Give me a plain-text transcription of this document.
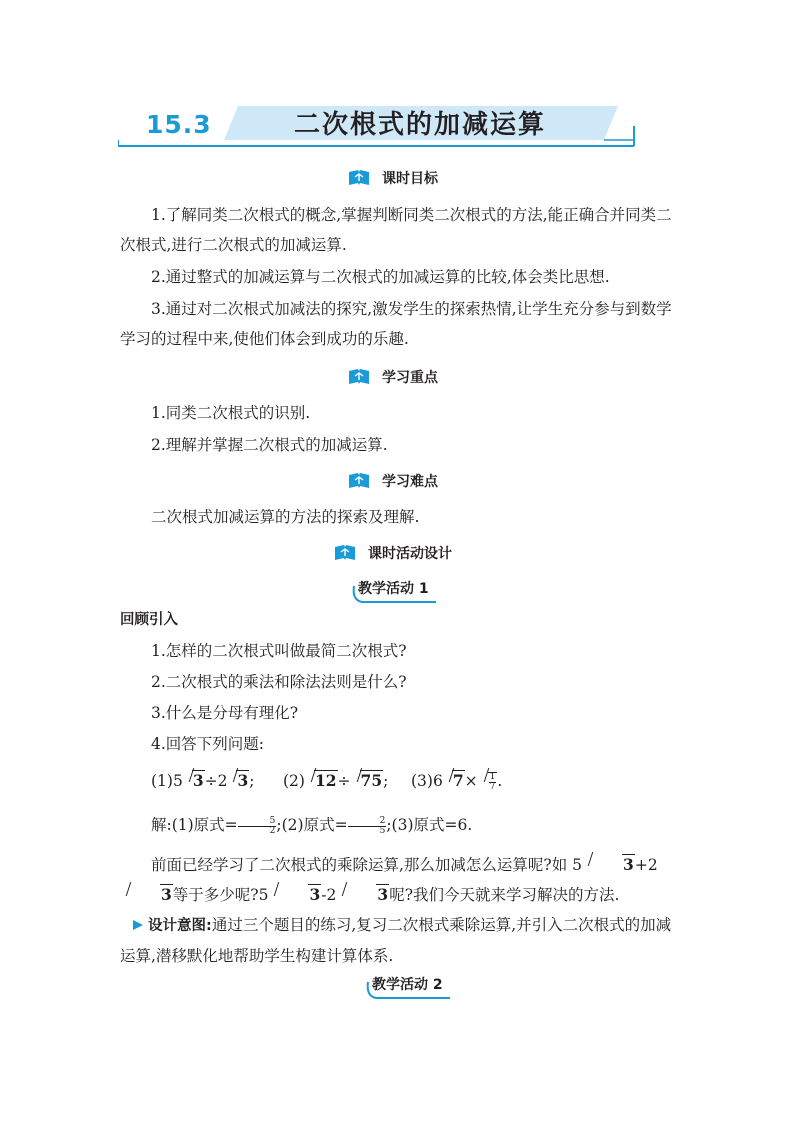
15.3	二次根式的加减运算
课时目标

1.了解同类二次根式的概念,掌握判断同类二次根式的方法,能正确合并同类二次根式,进行二次根式的加减运算.

2.通过整式的加减运算与二次根式的加减运算的比较,体会类比思想.

3.通过对二次根式加减法的探究,激发学生的探索热情,让学生充分参与到数学学习的过程中来,使他们体会到成功的乐趣.

学习重点

1.同类二次根式的识别.

2.理解并掌握二次根式的加减运算.

学习难点

二次根式加减运算的方法的探索及理解.

课时活动设计
教学活动 1
回顾引入

1.怎样的二次根式叫做最简二次根式?

2.二次根式的乘法和除法法则是什么?

3.什么是分母有理化?

4.回答下列问题:

(1)5 3÷2 3; (2) 12÷ 75; (3)6 $7\times \frac{1}{7}$ .
解:(1)原式= $\frac{5}{2}$ ;(2)原式= $\frac{2}{5}$ ;(3)原式=6.
前面已经学习了二次根式的乘除运算,那么加减怎么运算呢?如 5	3+23等于多少呢?5	3-2	3呢?我们今天就来学习解决的方法.
设计意图:通过三个题目的练习,复习二次根式乘除运算,并引入二次根式的加减运算,潜移默化地帮助学生构建计算体系.
教学活动 2
